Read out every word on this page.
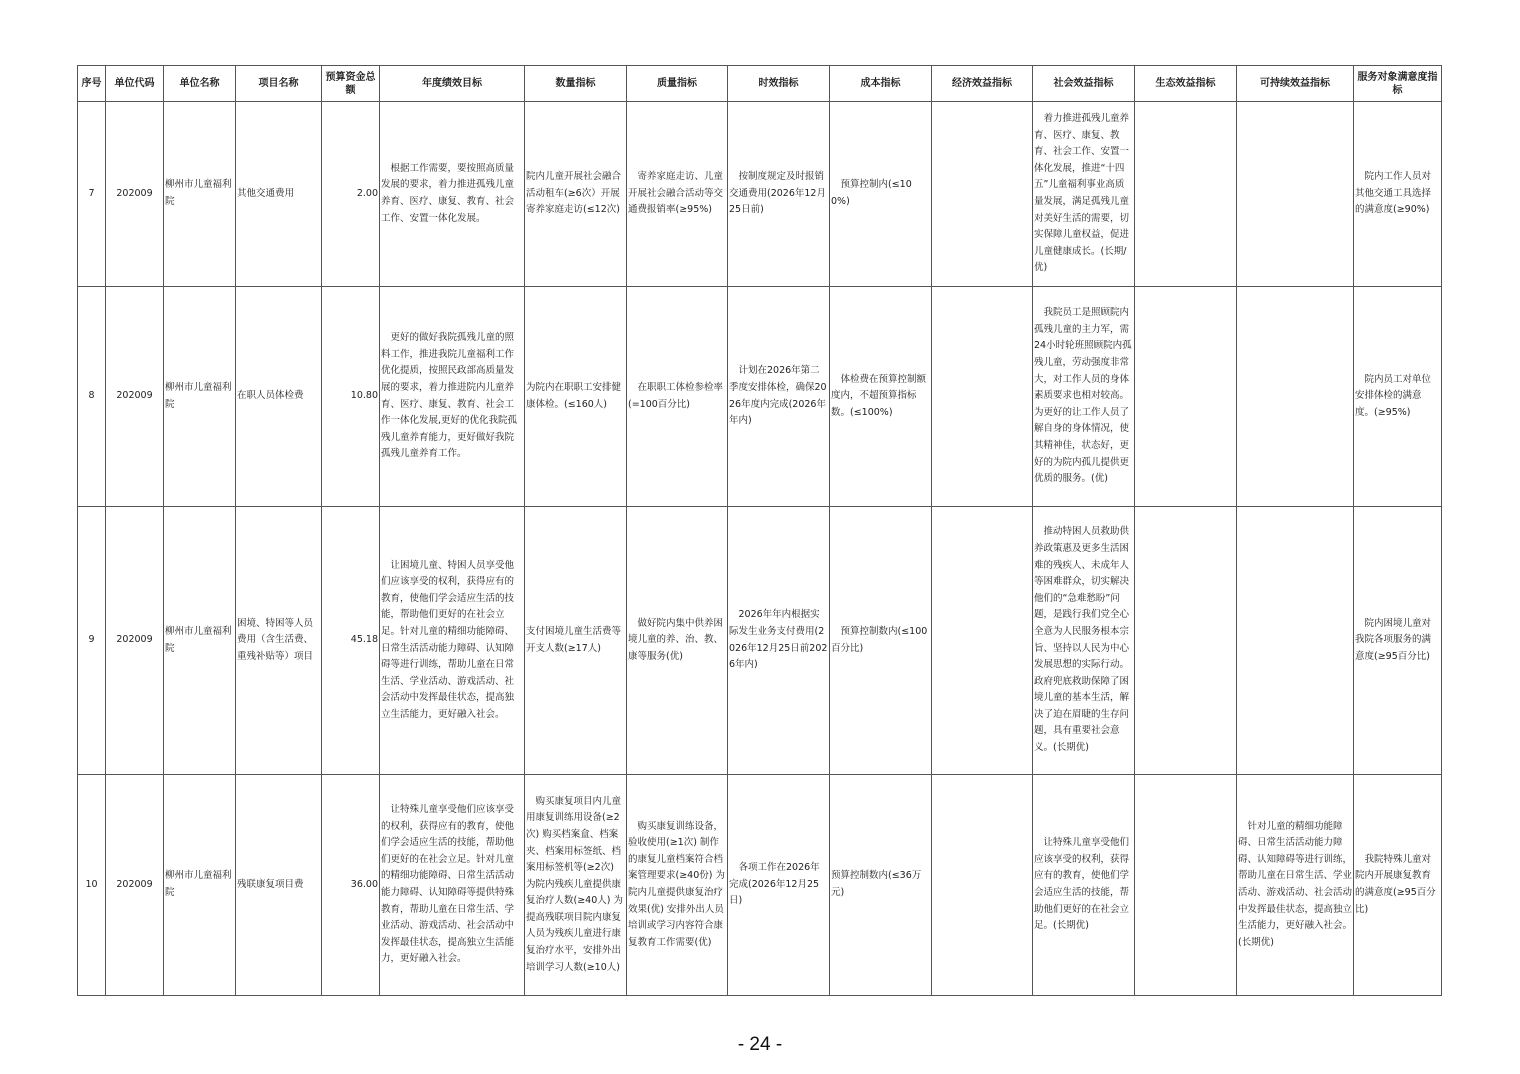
序号	单位代码	单位名称	项目名称	预算资金总额	年度绩效目标	数量指标	质量指标	时效指标	成本指标	经济效益指标	社会效益指标	生态效益指标	可持续效益指标	服务对象满意度指标
7	202009	柳州市儿童福利院	其他交通费用	2.00	根据工作需要，要按照高质量发展的要求，着力推进孤残儿童养育、医疗、康复、教育、社会工作、安置一体化发展。	院内儿童开展社会融合活动租车(≥6次）开展寄养家庭走访(≤12次)	寄养家庭走访、儿童开展社会融合活动等交通费报销率(≥95%)	按制度规定及时报销交通费用(2026年12月25日前)	预算控制内(≤100%)		着力推进孤残儿童养育、医疗、康复、教育、社会工作、安置一体化发展，推进“十四五”儿童福利事业高质量发展，满足孤残儿童对美好生活的需要，切实保障儿童权益，促进儿童健康成长。(长期/优)			院内工作人员对其他交通工具选择的满意度(≥90%)
8	202009	柳州市儿童福利院	在职人员体检费	10.80	更好的做好我院孤残儿童的照料工作，推进我院儿童福利工作优化提质，按照民政部高质量发展的要求，着力推进院内儿童养育、医疗、康复、教育、社会工作一体化发展,更好的优化我院孤残儿童养育能力，更好做好我院孤残儿童养育工作。	为院内在职职工安排健康体检。(≤160人)	在职职工体检参检率(=100百分比)	计划在2026年第二季度安排体检，确保2026年度内完成(2026年年内)	体检费在预算控制额度内，不超预算指标数。(≤100%)		我院员工是照顾院内孤残儿童的主力军，需24小时轮班照顾院内孤残儿童，劳动强度非常大，对工作人员的身体素质要求也相对较高。为更好的让工作人员了解自身的身体情况，使其精神佳，状态好，更好的为院内孤儿提供更优质的服务。(优)			院内员工对单位安排体检的满意度。(≥95%)
9	202009	柳州市儿童福利院	困境、特困等人员费用（含生活费、重残补贴等）项目	45.18	让困境儿童、特困人员享受他们应该享受的权利，获得应有的教育，使他们学会适应生活的技能，帮助他们更好的在社会立足。针对儿童的精细功能障碍、日常生活活动能力障碍、认知障碍等进行训练，帮助儿童在日常生活、学业活动、游戏活动、社会活动中发挥最佳状态，提高独立生活能力，更好融入社会。	支付困境儿童生活费等开支人数(≥17人)	做好院内集中供养困境儿童的养、治、教、康等服务(优)	2026年年内根据实际发生业务支付费用(2026年12月25日前2026年内)	预算控制数内(≤100百分比)		推动特困人员救助供养政策惠及更多生活困难的残疾人、未成年人等困难群众，切实解决他们的“急难愁盼”问题，是践行我们党全心全意为人民服务根本宗旨、坚持以人民为中心发展思想的实际行动。政府兜底救助保障了困境儿童的基本生活，解决了迫在眉睫的生存问题，具有重要社会意义。(长期优)			院内困境儿童对我院各项服务的满意度(≥95百分比)
10	202009	柳州市儿童福利院	残联康复项目费	36.00	让特殊儿童享受他们应该享受的权利，获得应有的教育，使他们学会适应生活的技能，帮助他们更好的在社会立足。针对儿童的精细功能障碍、日常生活活动能力障碍、认知障碍等提供特殊教育，帮助儿童在日常生活、学业活动、游戏活动、社会活动中发挥最佳状态，提高独立生活能力，更好融入社会。	购买康复项目内儿童用康复训练用设备(≥2次) 购买档案盒、档案夹、档案用标签纸、档案用标签机等(≥2次) 为院内残疾儿童提供康复治疗人数(≥40人) 为提高残联项目院内康复人员为残疾儿童进行康复治疗水平，安排外出培训学习人数(≥10人)	购买康复训练设备，验收使用(≥1次) 制作的康复儿童档案符合档案管理要求(≥40份) 为院内儿童提供康复治疗效果(优) 安排外出人员培训或学习内容符合康复教育工作需要(优)	各项工作在2026年完成(2026年12月25日)	预算控制数内(≤36万元)		让特殊儿童享受他们应该享受的权利，获得应有的教育，使他们学会适应生活的技能，帮助他们更好的在社会立足。(长期优)		针对儿童的精细功能障碍、日常生活活动能力障碍、认知障碍等进行训练，帮助儿童在日常生活、学业活动、游戏活动、社会活动中发挥最佳状态，提高独立生活能力，更好融入社会。(长期优)	我院特殊儿童对院内开展康复教育的满意度(≥95百分比)
- 24 -
